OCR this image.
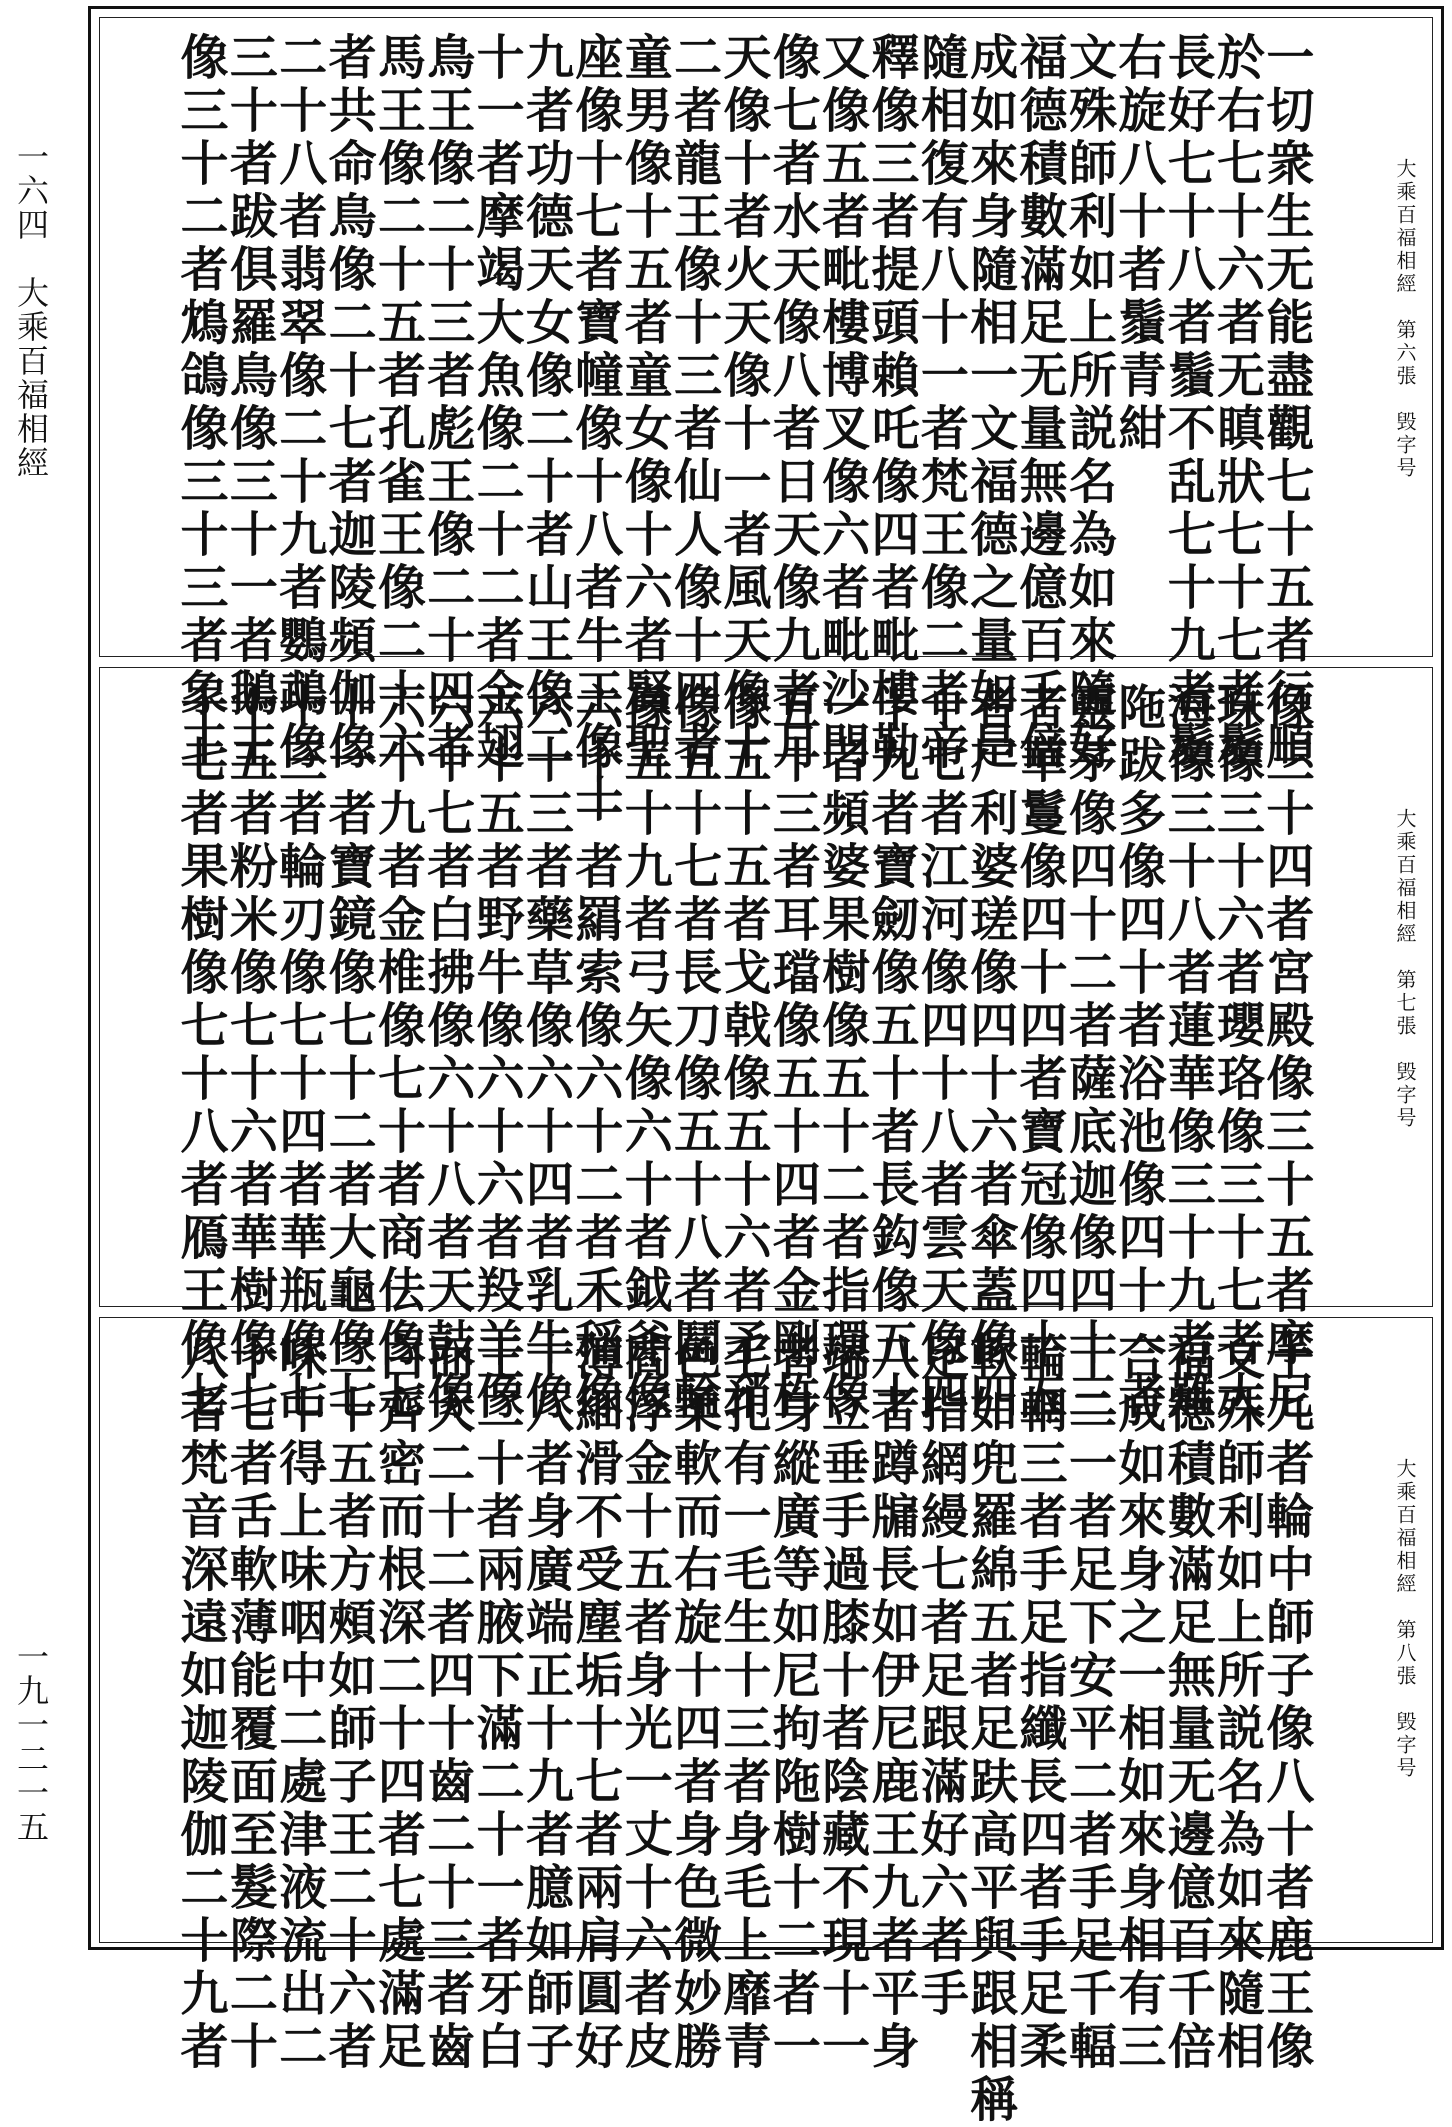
一六四　大乘百福相經
一九一二一五
大乘百福相經　第六張　毁字号
一切衆生无能盡觀七十五者行順
於右七十六者无瞋狀七十七者鬚
長好七十八者鬚不乱七十九者鬚
右旋八十者鬚青紺
文殊師利如上所説名為如來隨好
福德積數滿足无量無邊億百千倍
成如來身隨相一文福德之量如是
隨相復有八十一者梵王像二者帝
釋像三者提頭賴吒像四者毗樓勒
又像五者毗樓博叉像六者毗沙門
像七者水天像八者日天像九者月
天像十者火天像十一者風天像十
二者龍王像十三者仙人像十四者
童男像十五者童女像十六者賢聖
座像十七者寶幢像十八者牛王像十
九者功德天女像二十者山王像二
十一者摩竭大魚像二十二者金翅
鳥王像二十三者彪王像二十四者
馬王像二十五者孔雀王像二十六
者共命鳥像二十七者迦陵頻伽像
二十八者翡翠像二十九者鸚鵡像
三十者跋俱羅鳥像三十一者鵝王
像三十二者鴆鴿像三十三者象王
大乘百福相經　第七張　毁字号
像三十四者宮殿像三十五者摩尼
珠像三十六者瓔珞像三十七者大
海像三十八者蓮華像三十九者難
陁跋多像四十者浴池像四十一者
靈茅像四十二者薩底迦像四十三
者華鬘像四十四者寶冠像四十五
者尸利婆瑳像四十六者傘蓋像四
十七者江河像四十八者雲天像四
十九者寶劒像五十者長鈎像五十
一者頻婆果樹像五十二者指環像
五十三者耳璫像五十四者金剛杵
像五十五者戈戟像五十六者矛矟
像五十七者長刀像五十八者鬪輪
像五十九者弓矢像六十者鉞斧像
六十一者羂索像六十二者禾稻像
六十三者藥草像六十四者乳牛像
六十五者野牛像六十六者羖羊像
六十七者白拂像六十八者天鼓像
六十九者金椎像七十者商佉像七
十一者寶鏡像七十二者大龜像七
十三者輪刃像七十四者華瓶像七
十五者粉米像七十六者華樹像七
十七者果樹像七十八者鴈王像七
大乘百福相經　第八張　毁字号
十九者輪中師子像八十者鹿王像
文殊師利如上所説名為如來隨相
福德積數滿足無量无邊億百千倍
合成如來身之一相如來身相有三
十二一者足下安平二者手足千輻
輪輞三者手足指纖長四者手足柔
軟如兜羅綿五者足趺高平與跟相稱
足指網縵七者足跟滿好六者手
八者蹲牖長如伊尼鹿王九者平身
端立垂手過膝十者陰藏不現十一
者身縱廣等如尼拘陁樹十二者一
毛孔有一毛生十三者身毛上靡青
色柔軟而右旋十四者身色微妙勝
閻浮金十五者身光一丈十六者皮
薄細滑不受塵垢十七者兩肩圓好
十八者身廣端正十九者臆如師子
王二十者兩腋下滿二十一者牙白
而大二十二者四十齒二十三者齒
白齊密而根深二十四者七處滿足
二十五者方頰如師子王二十六者
味中得上味咽中二處津液流出二
十七者舌軟薄能覆面至髮際二十
八者梵音深遠如迦陵伽二十九者
